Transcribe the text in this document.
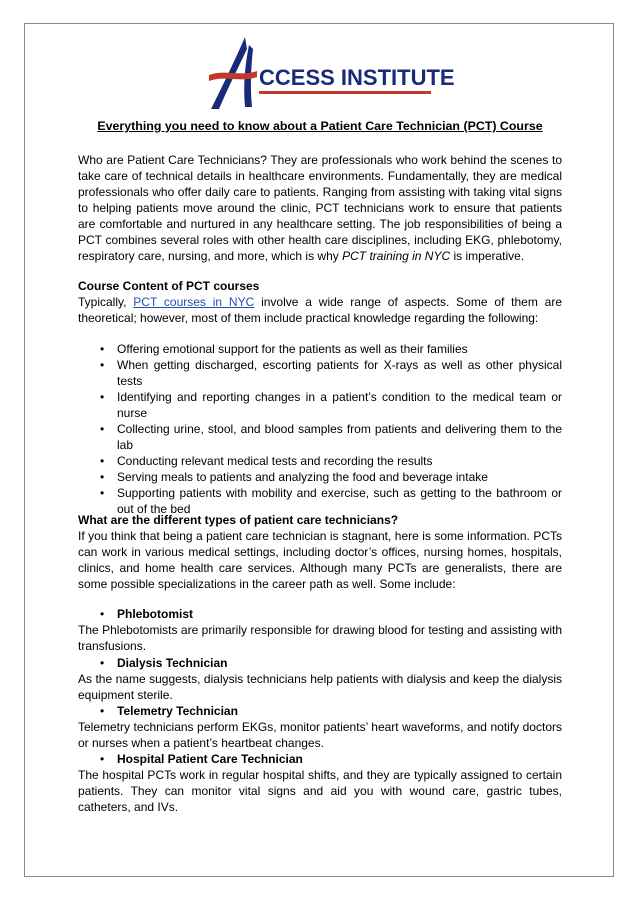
CCESS INSTITUTE
Everything you need to know about a Patient Care Technician (PCT) Course
Who are Patient Care Technicians? They are professionals who work behind the scenes to take care of technical details in healthcare environments. Fundamentally, they are medical professionals who offer daily care to patients. Ranging from assisting with taking vital signs to helping patients move around the clinic, PCT technicians work to ensure that patients are comfortable and nurtured in any healthcare setting. The job responsibilities of being a PCT combines several roles with other health care disciplines, including EKG, phlebotomy, respiratory care, nursing, and more, which is why PCT training in NYC is imperative.
Course Content of PCT courses
Typically, PCT courses in NYC involve a wide range of aspects. Some of them are theoretical; however, most of them include practical knowledge regarding the following:
• Offering emotional support for the patients as well as their families
• When getting discharged, escorting patients for X-rays as well as other physical tests
• Identifying and reporting changes in a patient’s condition to the medical team or nurse
• Collecting urine, stool, and blood samples from patients and delivering them to the lab
• Conducting relevant medical tests and recording the results
• Serving meals to patients and analyzing the food and beverage intake
• Supporting patients with mobility and exercise, such as getting to the bathroom or out of the bed
What are the different types of patient care technicians?
If you think that being a patient care technician is stagnant, here is some information. PCTs can work in various medical settings, including doctor’s offices, nursing homes, hospitals, clinics, and home health care services. Although many PCTs are generalists, there are some possible specializations in the career path as well. Some include:
• Phlebotomist
The Phlebotomists are primarily responsible for drawing blood for testing and assisting with transfusions.
• Dialysis Technician
As the name suggests, dialysis technicians help patients with dialysis and keep the dialysis equipment sterile.
• Telemetry Technician
Telemetry technicians perform EKGs, monitor patients’ heart waveforms, and notify doctors or nurses when a patient’s heartbeat changes.
• Hospital Patient Care Technician
The hospital PCTs work in regular hospital shifts, and they are typically assigned to certain patients. They can monitor vital signs and aid you with wound care, gastric tubes, catheters, and IVs.
